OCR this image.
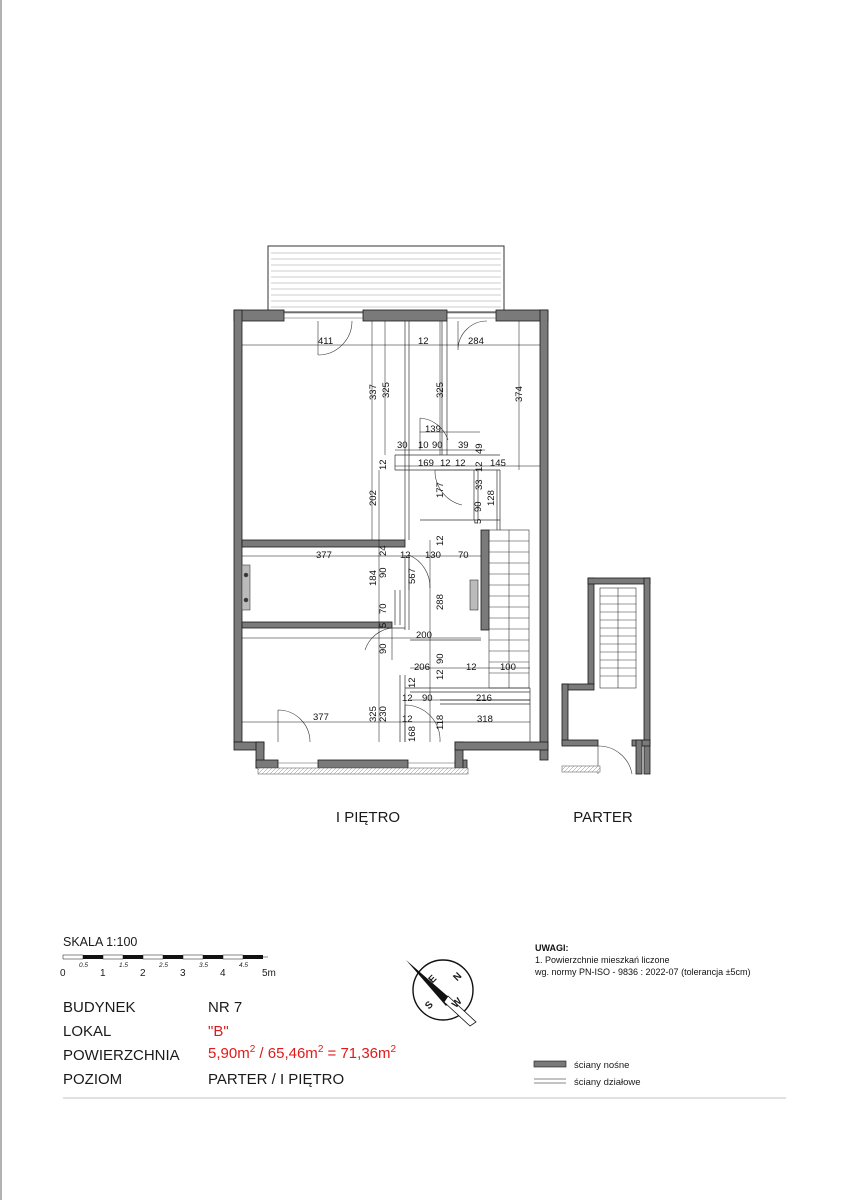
411	12	284
12
169 12	145
139
30 10 90 39
377	12 130 70
200
206	12 100
12 90	216
377	12	318
337 325	325	374
49
12
202
177
12
33
128
5
90
12
24
184 90 567
288
70
5
90
90
12
12
325 230
118
168
I PIĘTRO	PARTER
SKALA 1:100
0.5	1.5	2.5	3.5	4.5
0	1	2	3	4	5m	N
E
S W
ściany nośne
ściany działowe
BUDYNEK	NR 7
LOKAL	"B"
POWIERZCHNIA $5,90m^2 / 65,46m^2 = 71,36m^2$
POZIOM	PARTER / I PIĘTRO
UWAGI:
1. Powierzchnie mieszkań liczone
wg. normy PN-ISO - 9836 : 2022-07 (tolerancja ±5cm)
